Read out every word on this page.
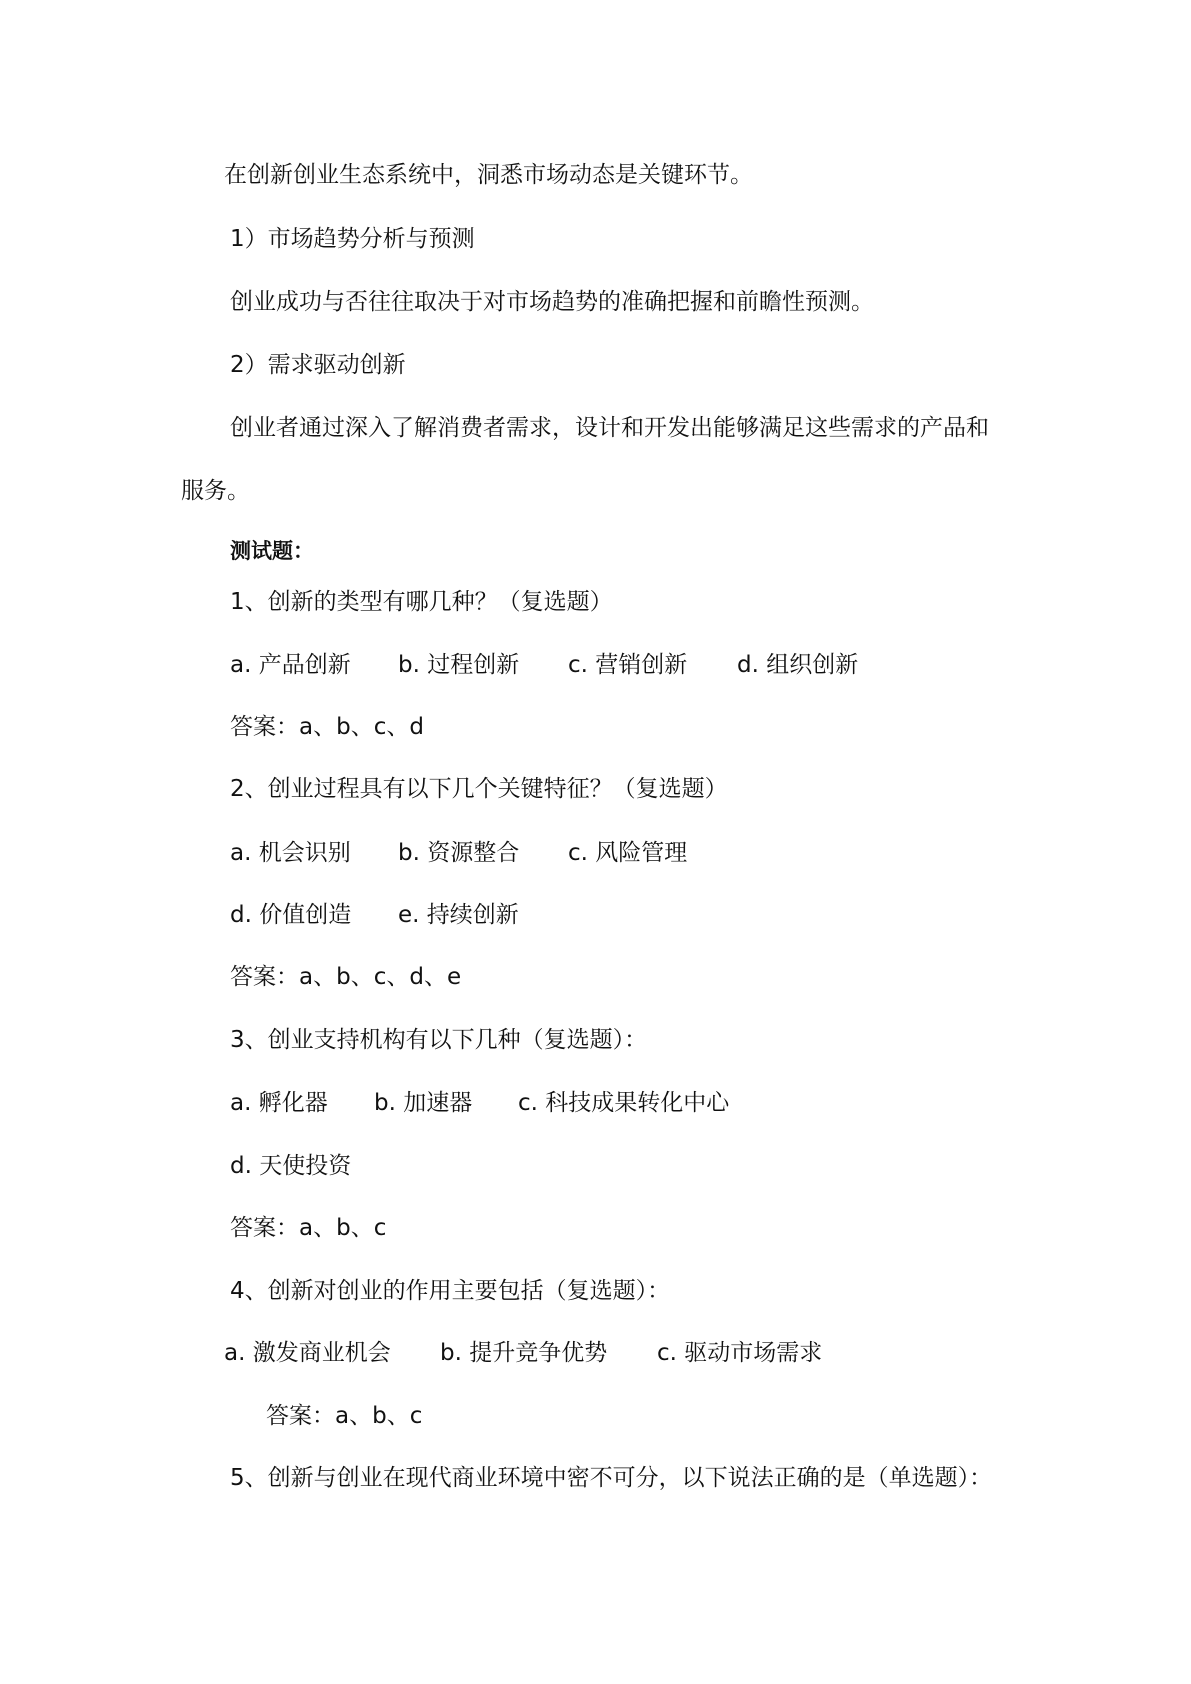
在创新创业生态系统中，洞悉市场动态是关键环节。
1）市场趋势分析与预测
创业成功与否往往取决于对市场趋势的准确把握和前瞻性预测。
2）需求驱动创新
创业者通过深入了解消费者需求，设计和开发出能够满足这些需求的产品和
服务。
测试题：
1、创新的类型有哪几种？（复选题）
a. 产品创新 b. 过程创新 c. 营销创新 d. 组织创新
答案：a、b、c、d
2、创业过程具有以下几个关键特征？（复选题）
a. 机会识别 b. 资源整合 c. 风险管理
d. 价值创造 e. 持续创新
答案：a、b、c、d、e
3、创业支持机构有以下几种（复选题）：
a. 孵化器 b. 加速器 c. 科技成果转化中心
d. 天使投资
答案：a、b、c
4、创新对创业的作用主要包括（复选题）：
a. 激发商业机会 b. 提升竞争优势 c. 驱动市场需求
答案：a、b、c
5、创新与创业在现代商业环境中密不可分，以下说法正确的是（单选题）：
